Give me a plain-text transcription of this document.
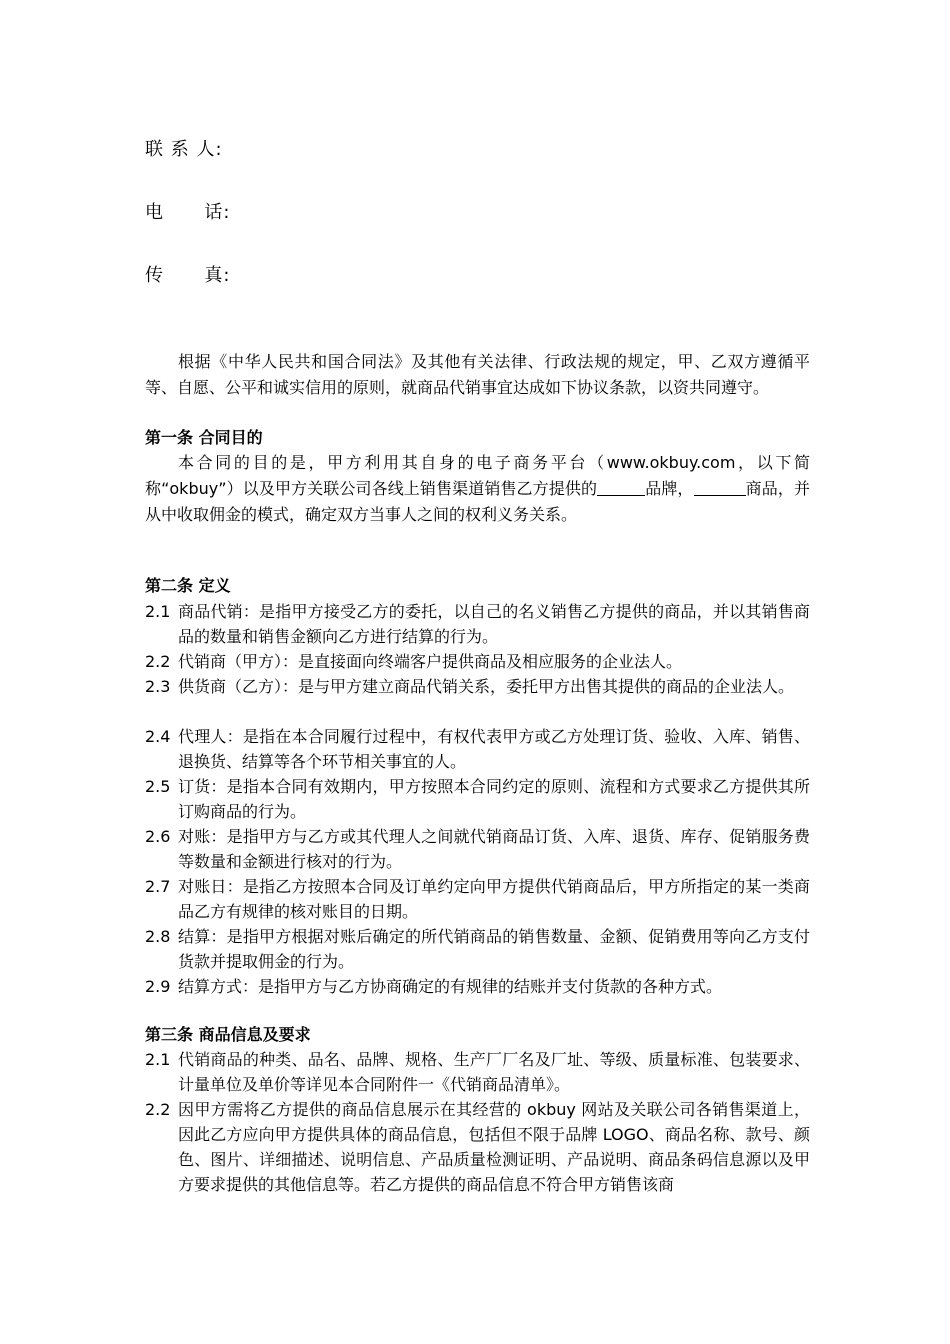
联 系 人:
电      话:
传      真:
根据《中华人民共和国合同法》及其他有关法律、行政法规的规定，甲、乙双方遵循平等、自愿、公平和诚实信用的原则，就商品代销事宜达成如下协议条款，以资共同遵守。
第一条 合同目的
本合同的目的是，甲方利用其自身的电子商务平台（www.okbuy.com，以下简称“okbuy”）以及甲方关联公司各线上销售渠道销售乙方提供的	品牌，	商品，并从中收取佣金的模式，确定双方当事人之间的权利义务关系。
第二条 定义
2.1 商品代销：是指甲方接受乙方的委托，以自己的名义销售乙方提供的商品，并以其销售商品的数量和销售金额向乙方进行结算的行为。
2.2 代销商（甲方）：是直接面向终端客户提供商品及相应服务的企业法人。
2.3 供货商（乙方）：是与甲方建立商品代销关系，委托甲方出售其提供的商品的企业法人。
2.4 代理人：是指在本合同履行过程中，有权代表甲方或乙方处理订货、验收、入库、销售、退换货、结算等各个环节相关事宜的人。
2.5 订货：是指本合同有效期内，甲方按照本合同约定的原则、流程和方式要求乙方提供其所订购商品的行为。
2.6 对账：是指甲方与乙方或其代理人之间就代销商品订货、入库、退货、库存、促销服务费等数量和金额进行核对的行为。
2.7 对账日：是指乙方按照本合同及订单约定向甲方提供代销商品后，甲方所指定的某一类商品乙方有规律的核对账目的日期。
2.8 结算：是指甲方根据对账后确定的所代销商品的销售数量、金额、促销费用等向乙方支付货款并提取佣金的行为。
2.9 结算方式：是指甲方与乙方协商确定的有规律的结账并支付货款的各种方式。
第三条 商品信息及要求
2.1 代销商品的种类、品名、品牌、规格、生产厂厂名及厂址、等级、质量标准、包装要求、计量单位及单价等详见本合同附件一《代销商品清单》。
2.2 因甲方需将乙方提供的商品信息展示在其经营的 okbuy 网站及关联公司各销售渠道上，因此乙方应向甲方提供具体的商品信息，包括但不限于品牌 LOGO、商品名称、款号、颜色、图片、详细描述、说明信息、产品质量检测证明、产品说明、商品条码信息源以及甲方要求提供的其他信息等。若乙方提供的商品信息不符合甲方销售该商
